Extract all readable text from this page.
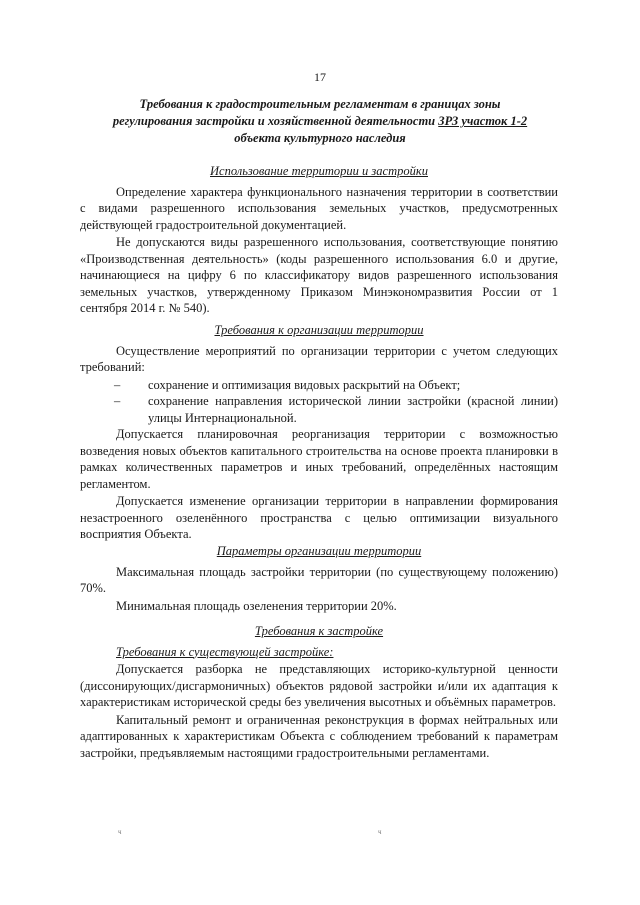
17
Требования к градостроительным регламентам в границах зоны
регулирования застройки и хозяйственной деятельности ЗРЗ участок 1-2
объекта культурного наследия
Использование территории и застройки

Определение характера функционального назначения территории в соответствии с видами разрешенного использования земельных участков, предусмотренных действующей градостроительной документацией.

Не допускаются виды разрешенного использования, соответствующие понятию «Производственная деятельность» (коды разрешенного использования 6.0 и другие, начинающиеся на цифру 6 по классификатору видов разрешенного использования земельных участков, утвержденному Приказом Минэкономразвития России от 1 сентября 2014 г. № 540).

Требования к организации территории

Осуществление мероприятий по организации территории с учетом следующих требований:

– сохранение и оптимизация видовых раскрытий на Объект;

– сохранение направления исторической линии застройки (красной линии) улицы Интернациональной.

Допускается планировочная реорганизация территории с возможностью возведения новых объектов капитального строительства на основе проекта планировки в рамках количественных параметров и иных требований, определённых настоящим регламентом.

Допускается изменение организации территории в направлении формирования незастроенного озеленённого пространства с целью оптимизации визуального восприятия Объекта.

Параметры организации территории

Максимальная площадь застройки территории (по существующему положению) 70%.

Минимальная площадь озеленения территории 20%.

Требования к застройке
Требования к существующей застройке:

Допускается разборка не представляющих историко-культурной ценности (диссонирующих/дисгармоничных) объектов рядовой застройки и/или их адаптация к характеристикам исторической среды без увеличения высотных и объёмных параметров.

Капитальный ремонт и ограниченная реконструкция в формах нейтральных или адаптированных к характеристикам Объекта с соблюдением требований к параметрам застройки, предъявляемым настоящими градостроительными регламентами.

ч	ч
